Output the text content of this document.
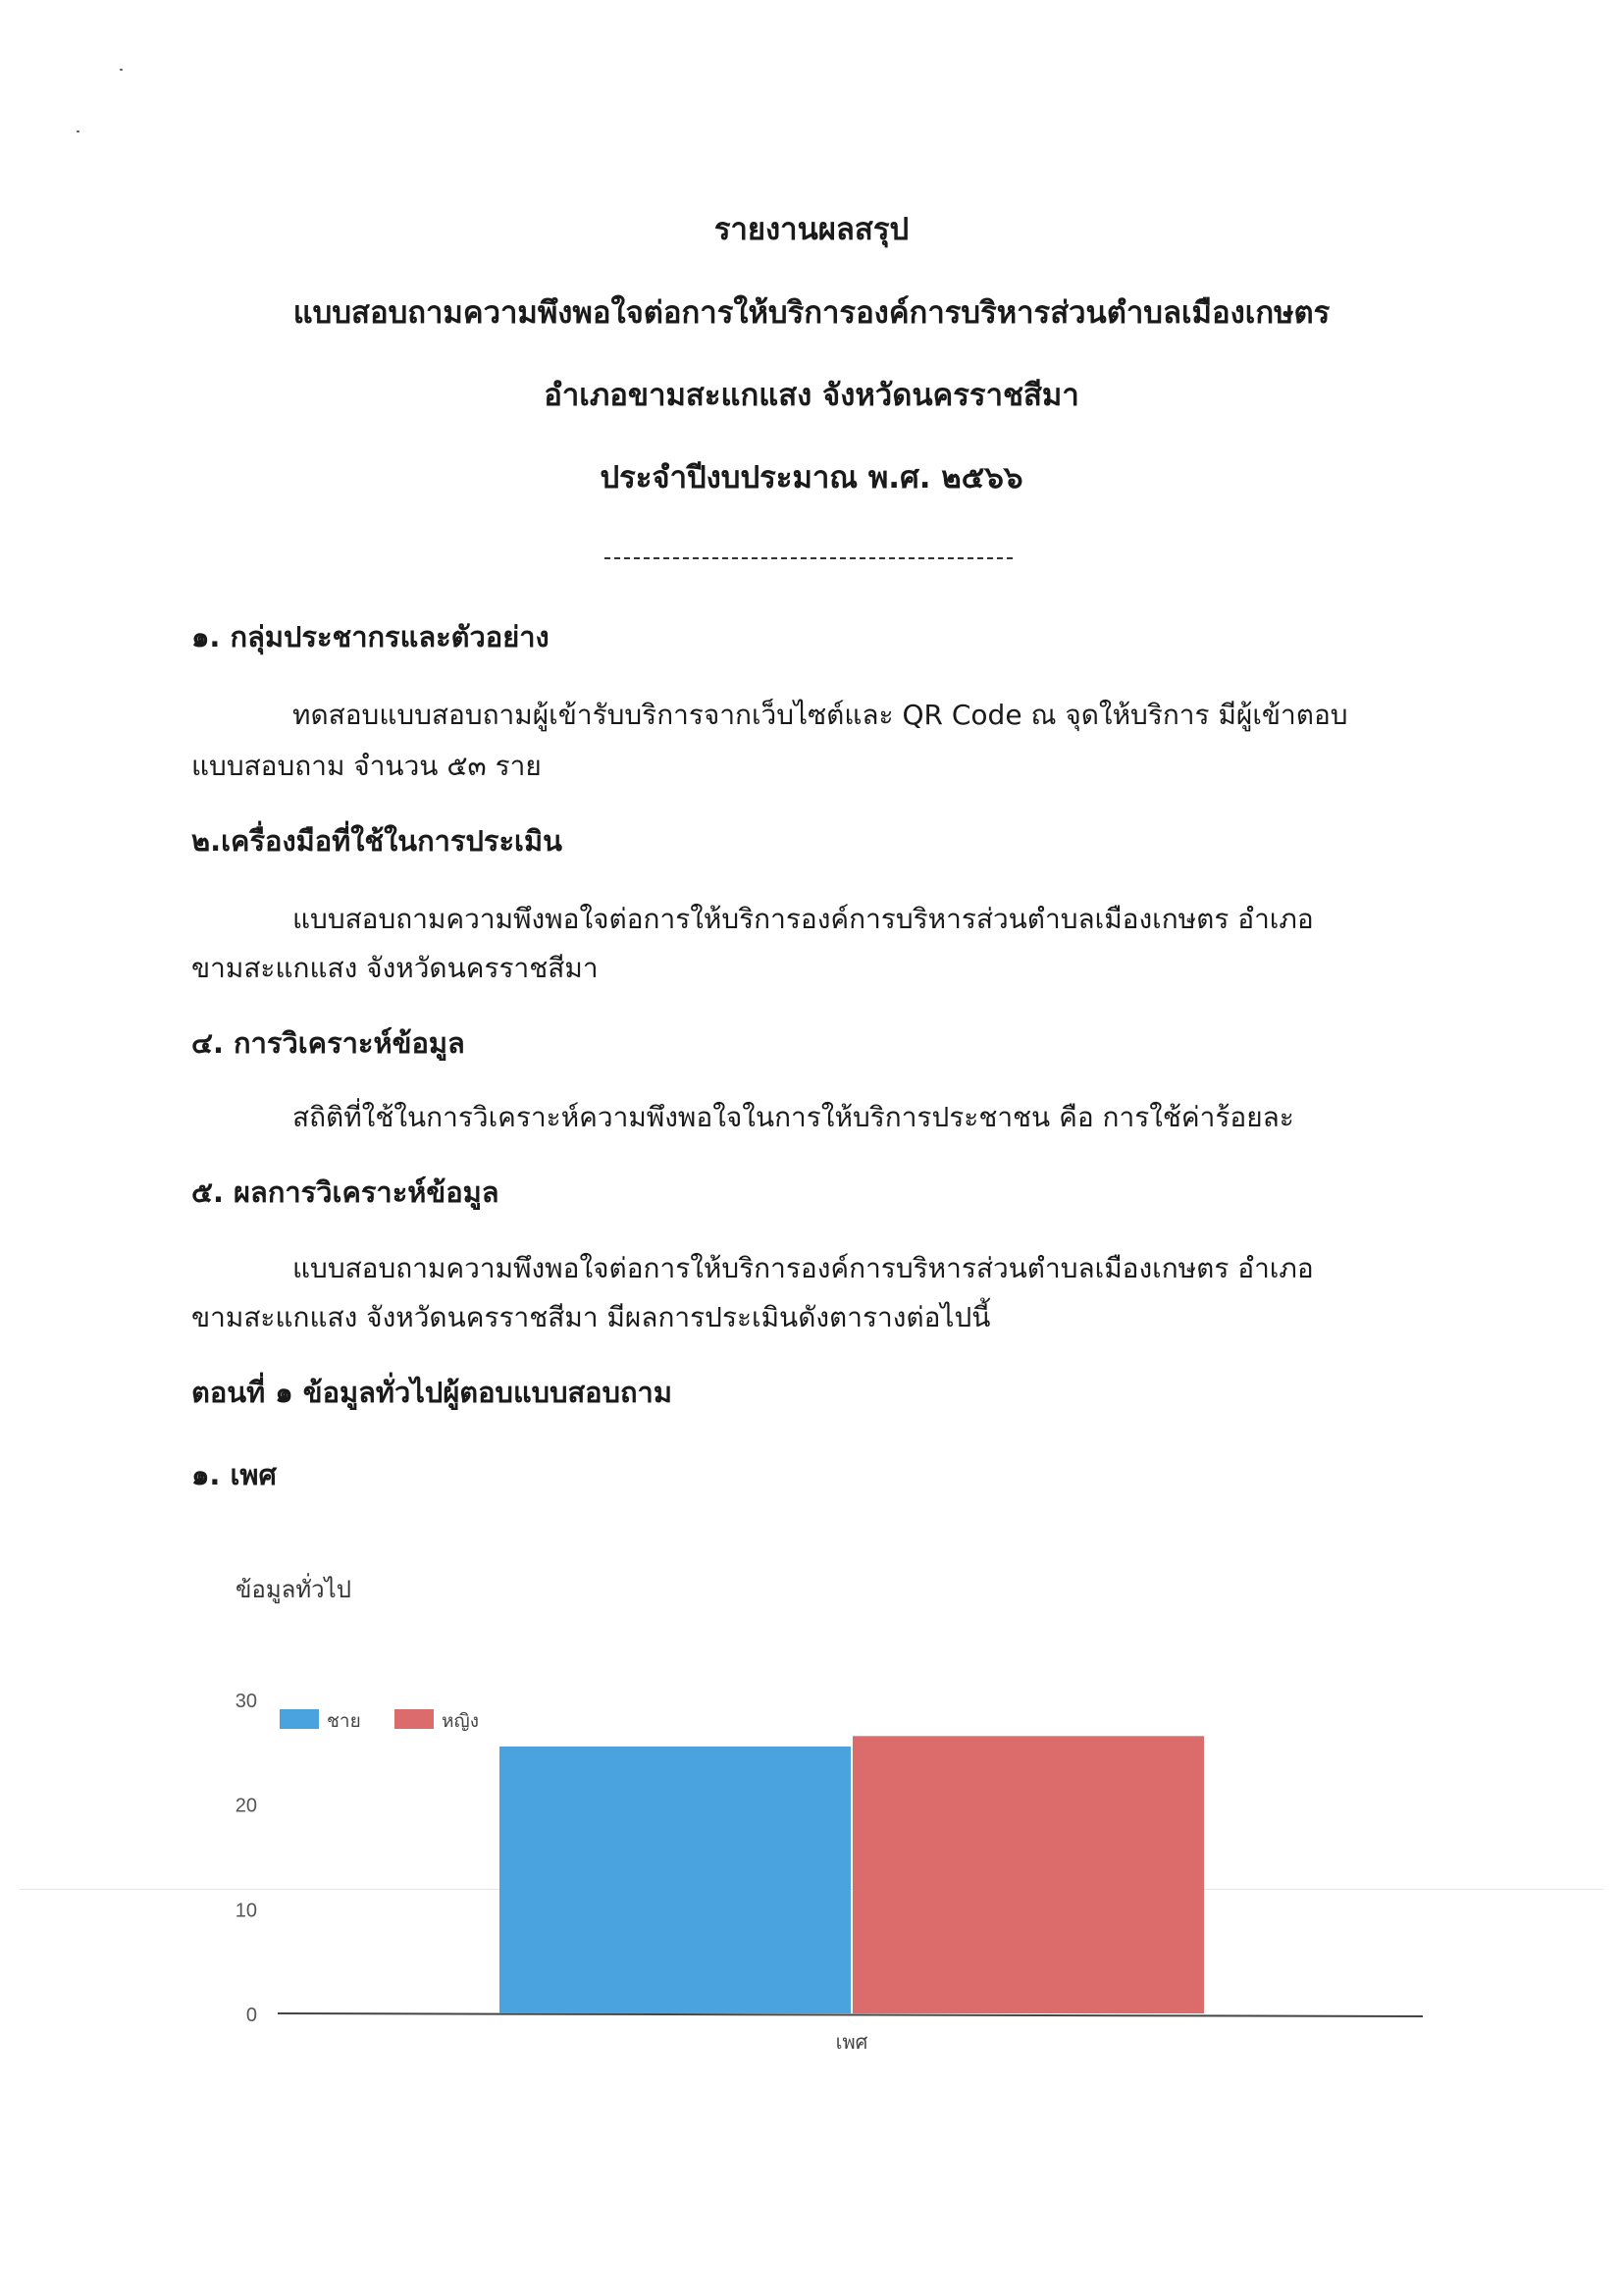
รายงานผลสรุป
แบบสอบถามความพึงพอใจต่อการให้บริการองค์การบริหารส่วนตำบลเมืองเกษตร
อำเภอขามสะแกแสง จังหวัดนครราชสีมา
ประจำปีงบประมาณ พ.ศ. ๒๕๖๖
๑. กลุ่มประชากรและตัวอย่าง
ทดสอบแบบสอบถามผู้เข้ารับบริการจากเว็บไซต์และ QR Code ณ จุดให้บริการ มีผู้เข้าตอบ
แบบสอบถาม จำนวน ๕๓ ราย
๒.เครื่องมือที่ใช้ในการประเมิน
แบบสอบถามความพึงพอใจต่อการให้บริการองค์การบริหารส่วนตำบลเมืองเกษตร อำเภอ
ขามสะแกแสง จังหวัดนครราชสีมา
๔. การวิเคราะห์ข้อมูล
สถิติที่ใช้ในการวิเคราะห์ความพึงพอใจในการให้บริการประชาชน คือ การใช้ค่าร้อยละ
๕. ผลการวิเคราะห์ข้อมูล
แบบสอบถามความพึงพอใจต่อการให้บริการองค์การบริหารส่วนตำบลเมืองเกษตร อำเภอ
ขามสะแกแสง จังหวัดนครราชสีมา มีผลการประเมินดังตารางต่อไปนี้
ตอนที่ ๑ ข้อมูลทั่วไปผู้ตอบแบบสอบถาม
๑. เพศ
ข้อมูลทั่วไป
0
10
20
30
เพศ
ชาย	หญิง
